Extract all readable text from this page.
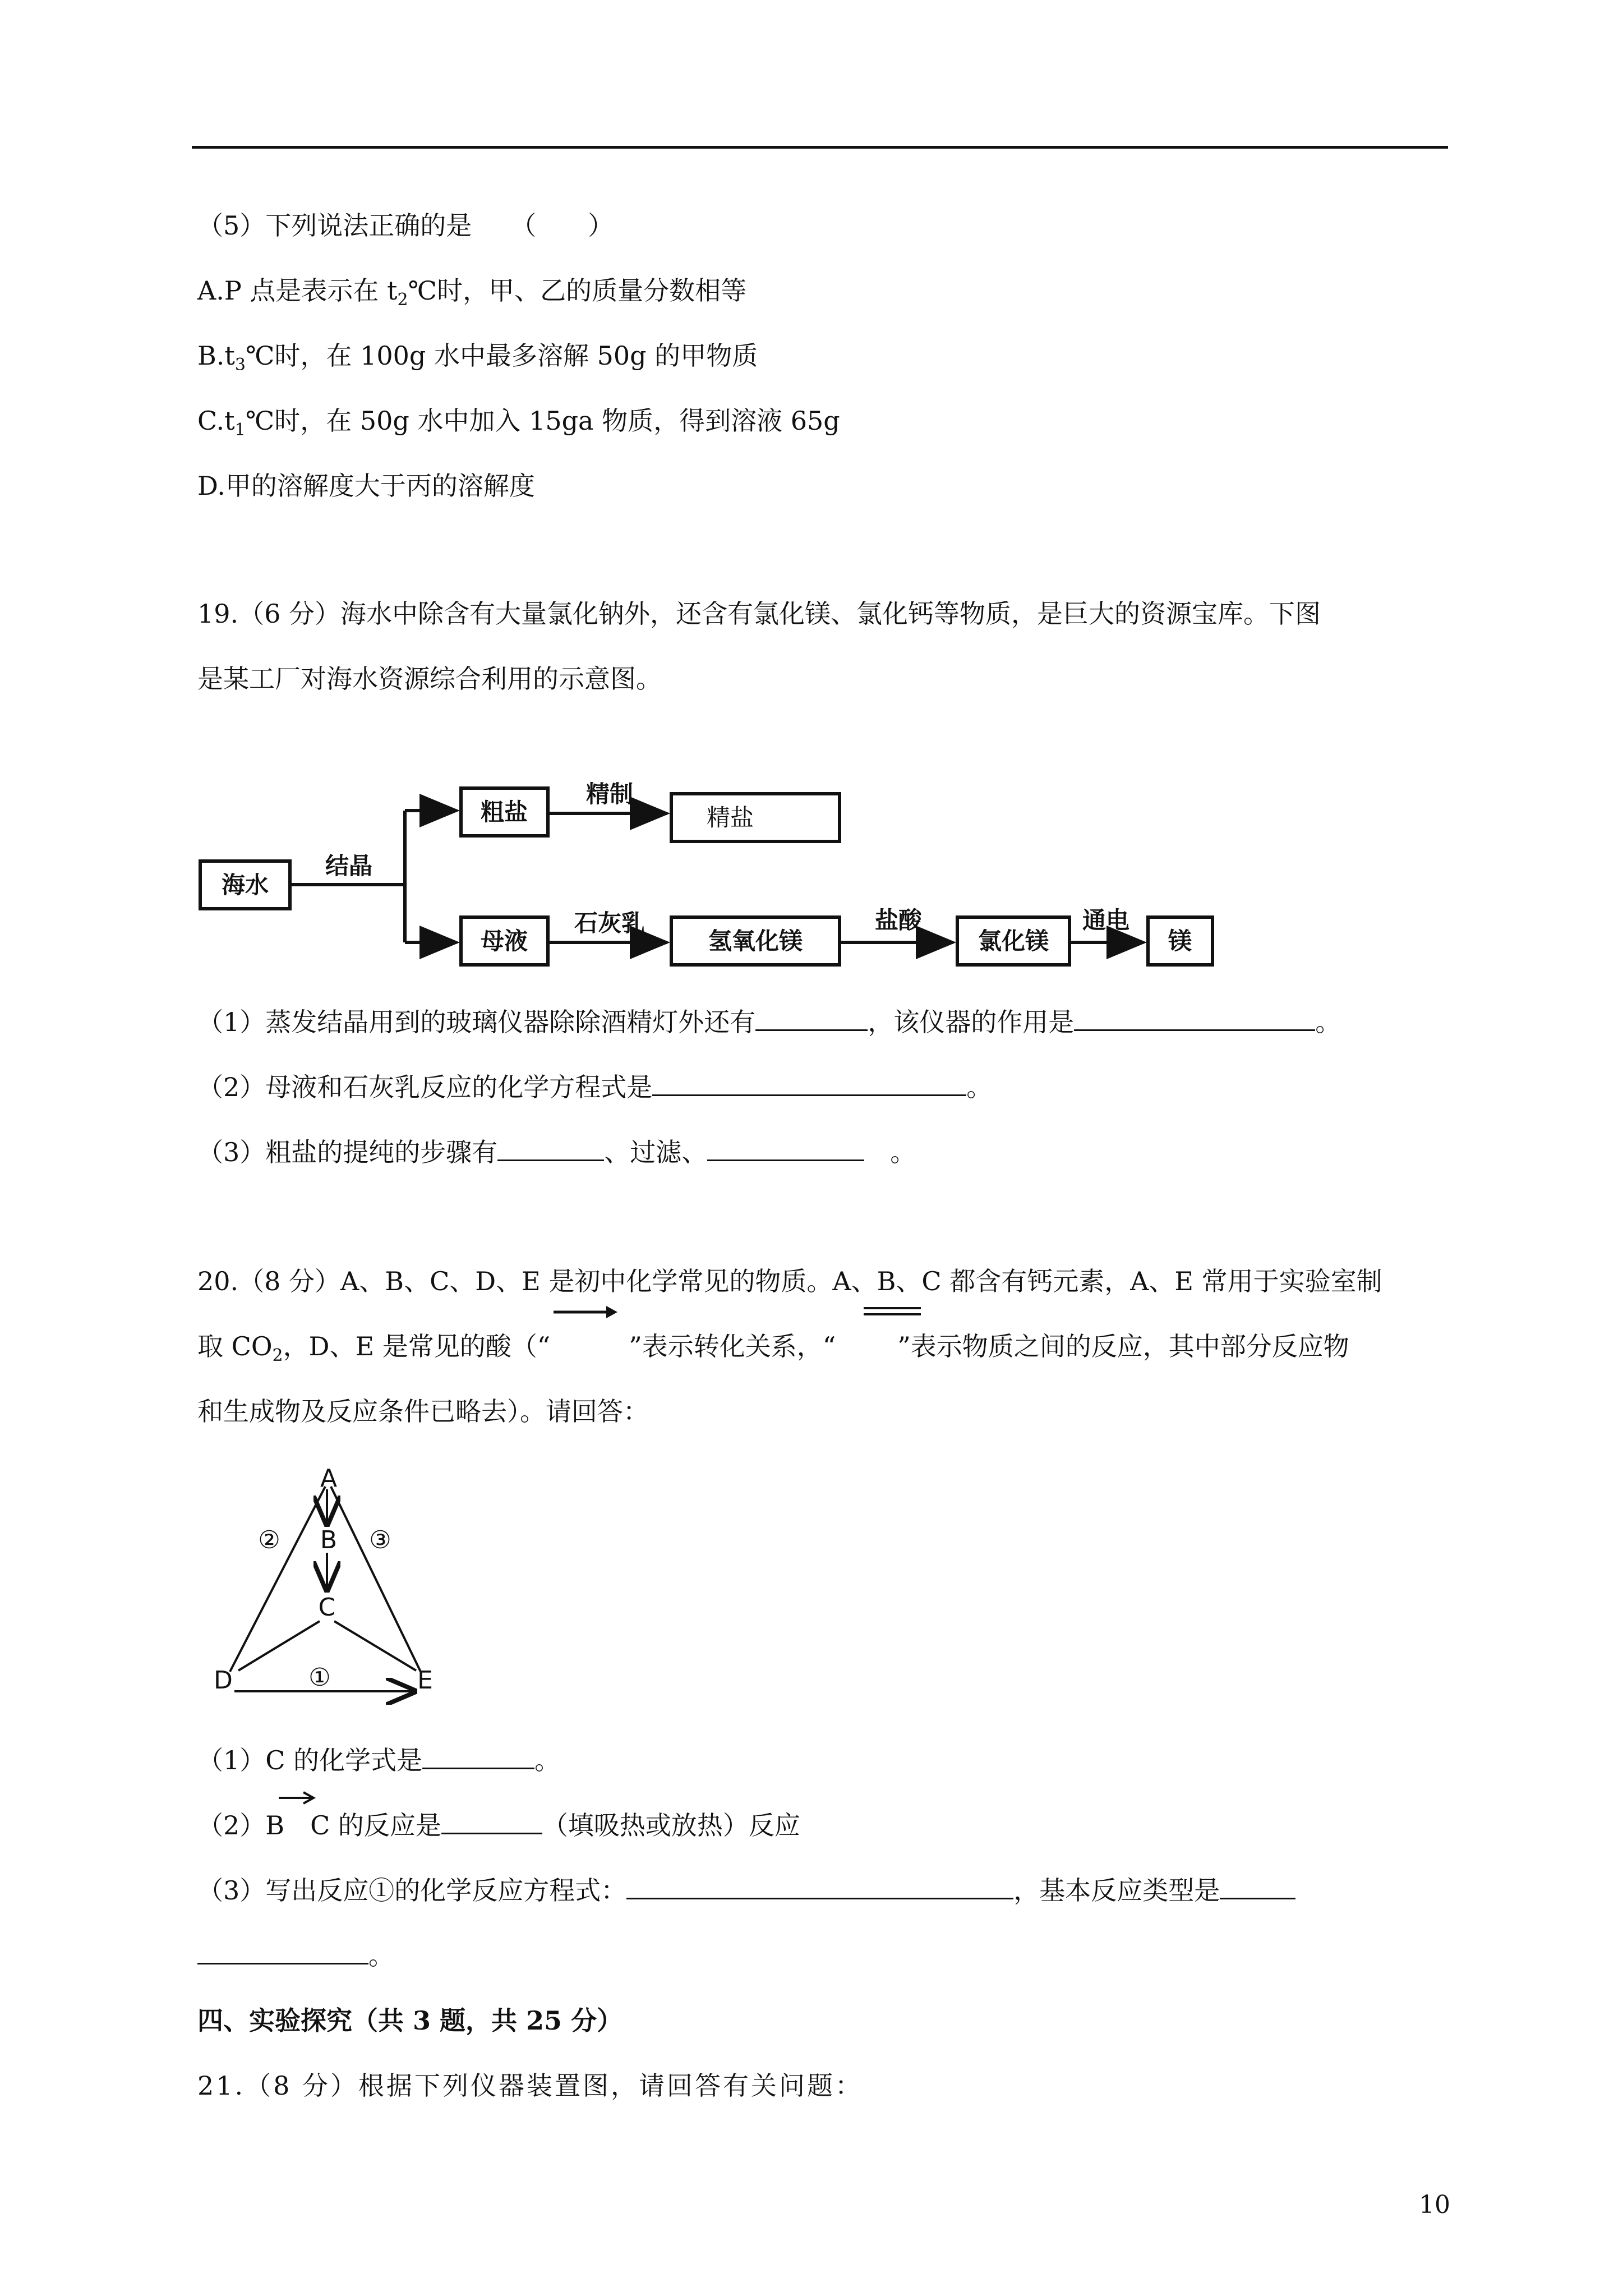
（5）下列说法正确的是　　（　　）
A.P 点是表示在 $t_2℃$时，甲、乙的质量分数相等
$B.t_3℃$时，在 100g 水中最多溶解 50g 的甲物质
$C.t_1℃$时，在 50g 水中加入 15ga 物质，得到溶液 65g
D.甲的溶解度大于丙的溶解度
19.（6 分）海水中除含有大量氯化钠外，还含有氯化镁、氯化钙等物质，是巨大的资源宝库。下图
是某工厂对海水资源综合利用的示意图。
海水
结晶
粗盐
精制
精盐
母液
石灰乳
氢氧化镁
盐酸
氯化镁
通电
镁
（1）蒸发结晶用到的玻璃仪器除除酒精灯外还有	，该仪器的作用是	。
（2）母液和石灰乳反应的化学方程式是	。
（3）粗盐的提纯的步骤有	、过滤、	　。
20.（8 分）A、B、C、D、E 是初中化学常见的物质。A、B、C 都含有钙元素，A、E 常用于实验室制
取 $CO_2$，D、E 是常见的酸（“	”表示转化关系，“ ”表示物质之间的反应，其中部分反应物
和生成物及反应条件已略去）。请回答：
A
B
C
D	E
②	③
①
（1）C 的化学式是	。
（2）B　C 的反应是	（填吸热或放热）反应
（3）写出反应①的化学反应方程式：	，基本反应类型是
。
四、实验探究（共 3 题，共 25 分）
21.（8 分）根据下列仪器装置图，请回答有关问题：
10
